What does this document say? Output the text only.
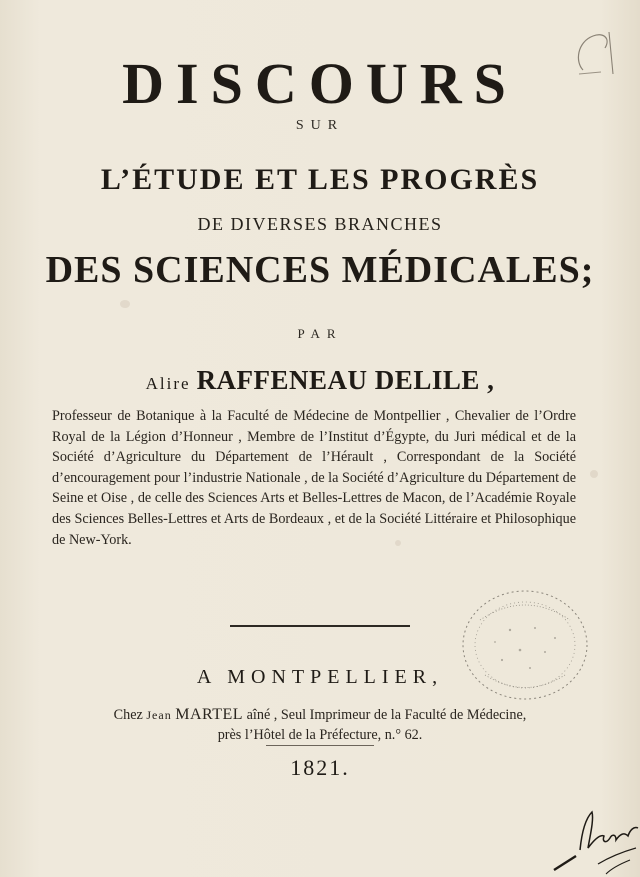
DISCOURS
SUR
L’ÉTUDE ET LES PROGRÈS
DE DIVERSES BRANCHES
DES SCIENCES MÉDICALES;
PAR
Alire RAFFENEAU DELILE ,
Professeur de Botanique à la Faculté de Médecine de Montpellier , Chevalier de l’Ordre Royal de la Légion d’Honneur , Membre de l’Institut d’Égypte, du Juri médical et de la Société d’Agriculture du Département de l’Hérault , Correspondant de la Société d’encouragement pour l’industrie Nationale , de la Société d’Agriculture du Département de Seine et Oise , de celle des Sciences Arts et Belles-Lettres de Macon, de l’Académie Royale des Sciences Belles-Lettres et Arts de Bordeaux , et de la Société Littéraire et Philosophique de New-York.
A MONTPELLIER,
Chez Jean MARTEL aîné , Seul Imprimeur de la Faculté de Médecine,
près l’Hôtel de la Préfecture, n.° 62.
1821.
